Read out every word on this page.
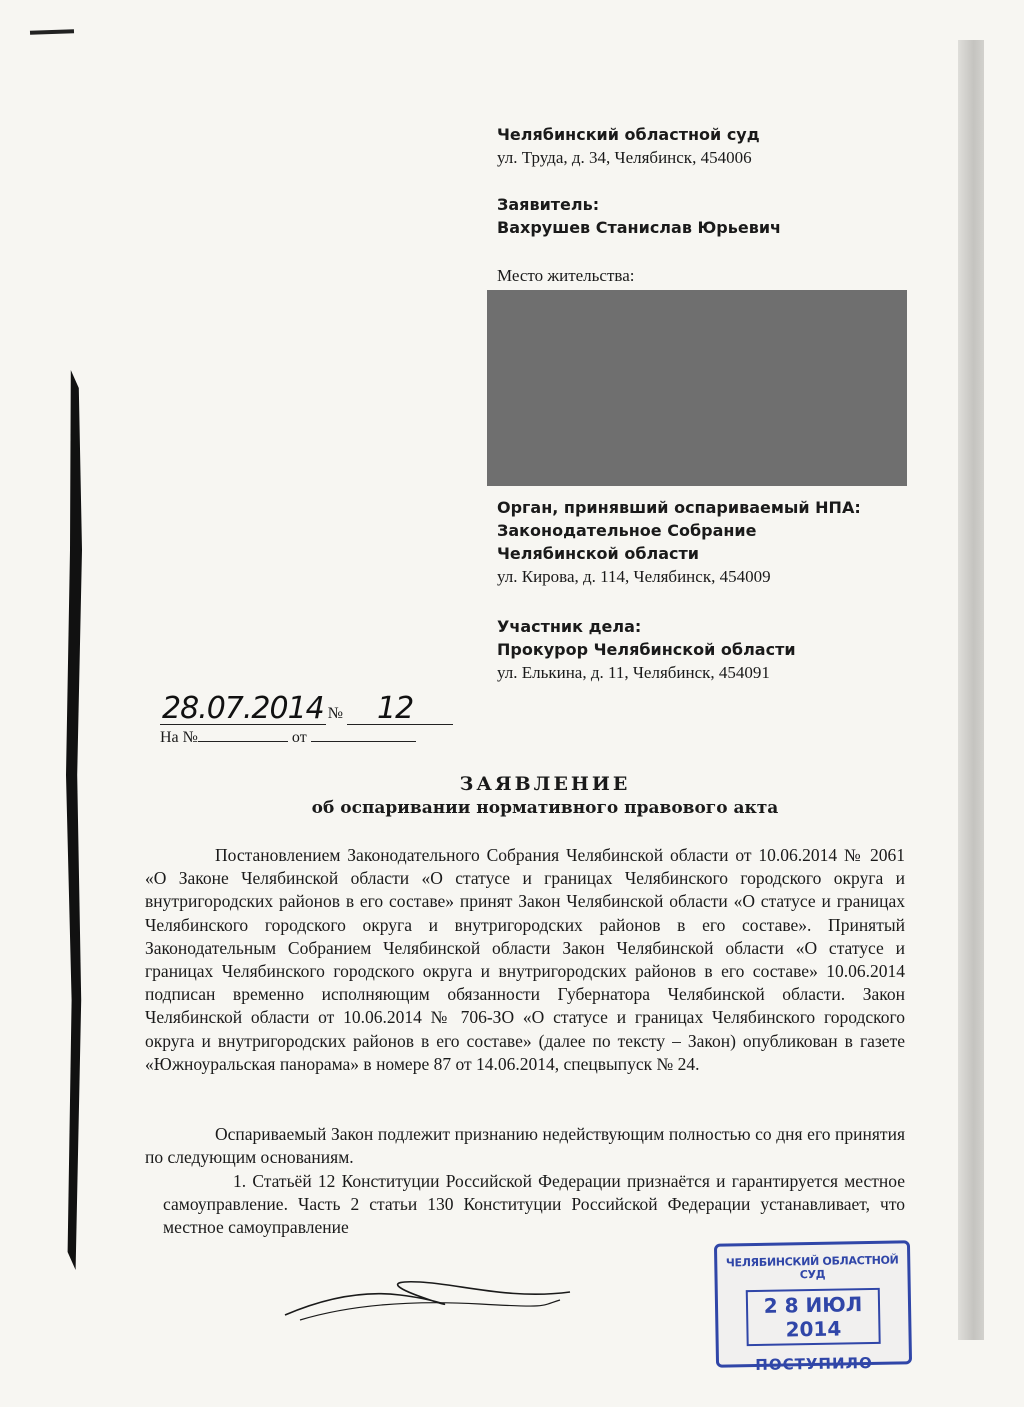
Челябинский областной суд
ул. Труда, д. 34, Челябинск, 454006
Заявитель:
Вахрушев Станислав Юрьевич
Место жительства:
Орган, принявший оспариваемый НПА:
Законодательное Собрание
Челябинской области
ул. Кирова, д. 114, Челябинск, 454009
Участник дела:
Прокурор Челябинской области
ул. Елькина, д. 11, Челябинск, 454091
28.07.2014 №	12
На №	от
ЗАЯВЛЕНИЕ
об оспаривании нормативного правового акта

Постановлением Законодательного Собрания Челябинской области от 10.06.2014 № 2061 «О Законе Челябинской области «О статусе и границах Челябинского городского округа и внутригородских районов в его составе» принят Закон Челябинской области «О статусе и границах Челябинского городского округа и внутригородских районов в его составе». Принятый Законодательным Собранием Челябинской области Закон Челябинской области «О статусе и границах Челябинского городского округа и внутригородских районов в его составе» 10.06.2014 подписан временно исполняющим обязанности Губернатора Челябинской области. Закон Челябинской области от 10.06.2014 № 706-ЗО «О статусе и границах Челябинского городского округа и внутригородских районов в его составе» (далее по тексту – Закон) опубликован в газете «Южноуральская панорама» в номере 87 от 14.06.2014, спецвыпуск № 24.

Оспариваемый Закон подлежит признанию недействующим полностью со дня его принятия по следующим основаниям.

1. Статьёй 12 Конституции Российской Федерации признаётся и гарантируется местное самоуправление. Часть 2 статьи 130 Конституции Российской Федерации устанавливает, что местное самоуправление

ЧЕЛЯБИНСКИЙ ОБЛАСТНОЙ СУД
2 8 ИЮЛ 2014
ПОСТУПИЛО
